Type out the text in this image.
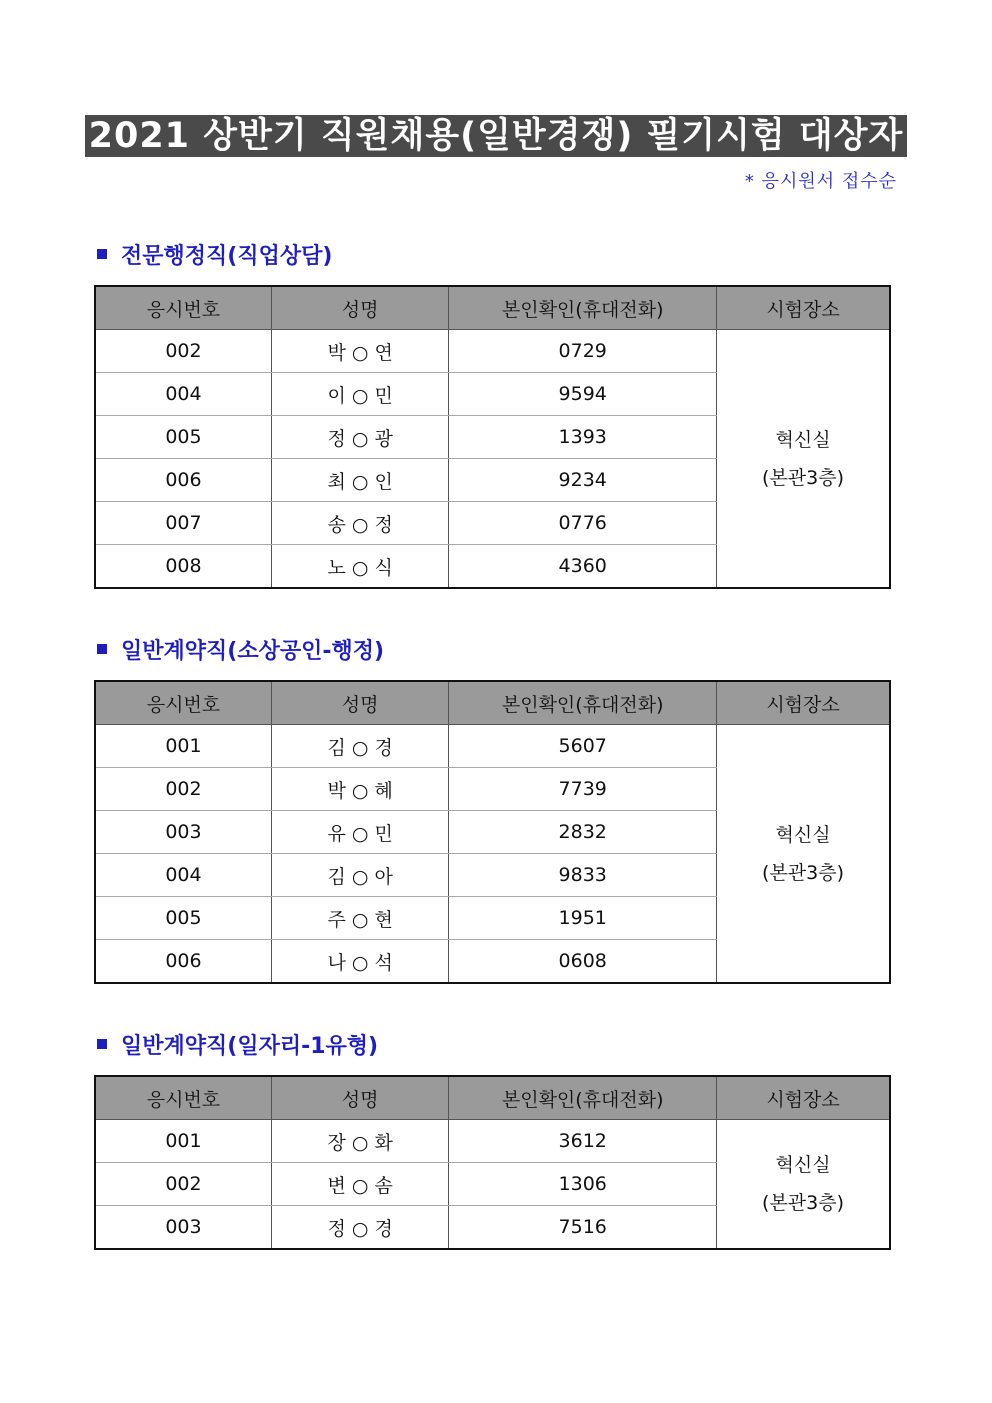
2021 상반기 직원채용(일반경쟁) 필기시험 대상자
* 응시원서 접수순
전문행정직(직업상담)
응시번호	성명	본인확인(휴대전화)	시험장소
002	박 ○ 연	0729	혁신실
(본관3층)

004	이 ○ 민	9594	
005	정 ○ 광	1393	
006	최 ○ 인	9234	
007	송 ○ 정	0776	
008	노 ○ 식	4360	
일반계약직(소상공인-행정)
응시번호	성명	본인확인(휴대전화)	시험장소
001	김 ○ 경	5607	혁신실
(본관3층)

002	박 ○ 혜	7739	
003	유 ○ 민	2832	
004	김 ○ 아	9833	
005	주 ○ 현	1951	
006	나 ○ 석	0608	
일반계약직(일자리-1유형)
응시번호	성명	본인확인(휴대전화)	시험장소
001	장 ○ 화	3612	혁신실
(본관3층)

002	변 ○ 솜	1306	
003	정 ○ 경	7516	
